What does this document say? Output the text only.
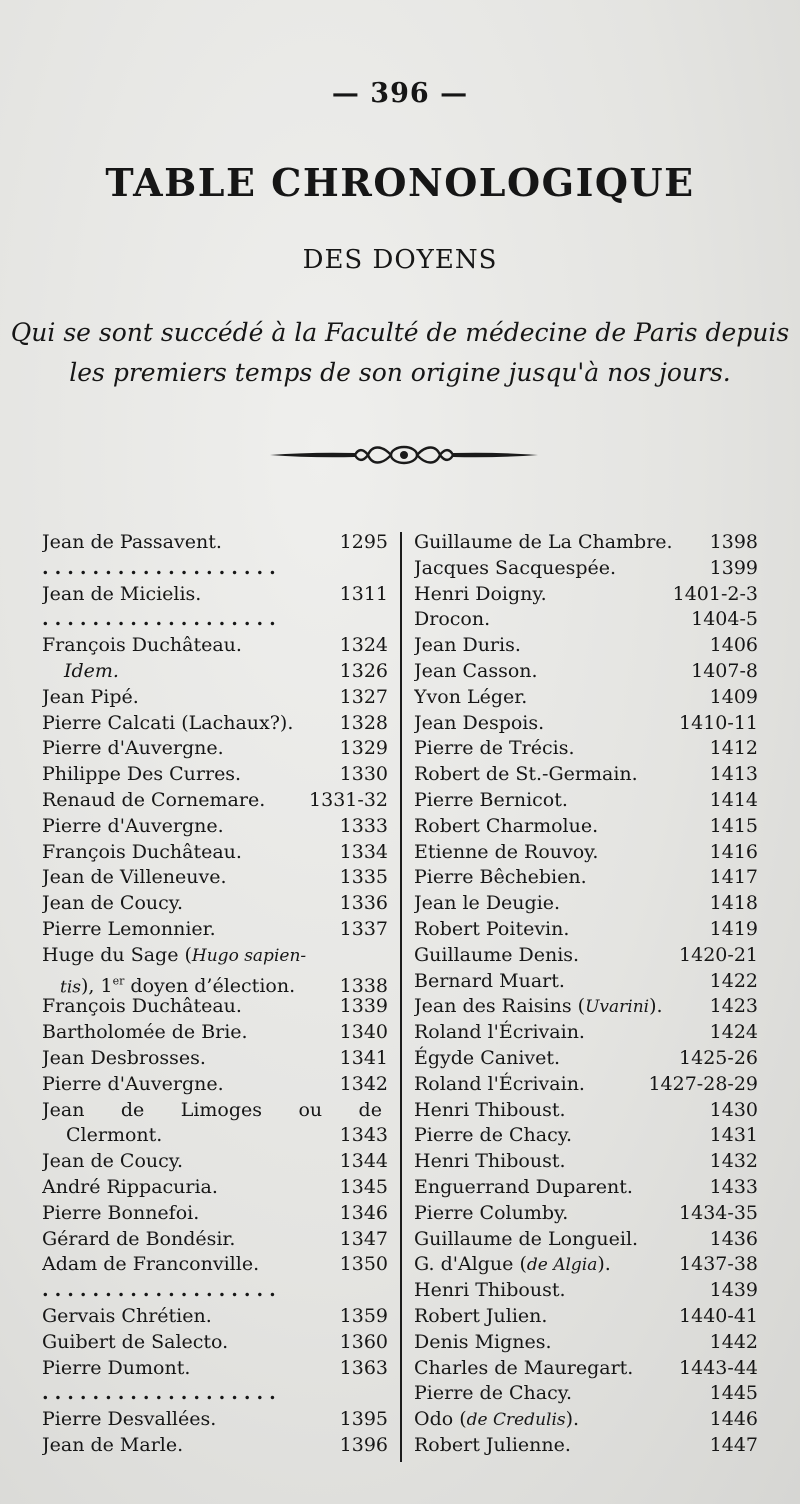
— 396 —
TABLE CHRONOLOGIQUE
DES DOYENS
Qui se sont succédé à la Faculté de médecine de Paris depuis
les premiers temps de son origine jusqu'à nos jours.
Jean de Passavent.	1295
...................
Jean de Micielis.	1311
...................
François Duchâteau.	1324
Idem.	1326
Jean Pipé.	1327
Pierre Calcati (Lachaux?).	1328
Pierre d'Auvergne.	1329
Philippe Des Curres.	1330
Renaud de Cornemare.	1331-32
Pierre d'Auvergne.	1333
François Duchâteau.	1334
Jean de Villeneuve.	1335
Jean de Coucy.	1336
Pierre Lemonnier.	1337
Huge du Sage (Hugo sapien-
tis), 1er doyen d’élection.	1338
François Duchâteau.	1339
Bartholomée de Brie.	1340
Jean Desbrosses.	1341
Pierre d'Auvergne.	1342
Jean de Limoges ou de
Clermont.	1343
Jean de Coucy.	1344
André Rippacuria.	1345
Pierre Bonnefoi.	1346
Gérard de Bondésir.	1347
Adam de Franconville.	1350
...................
Gervais Chrétien.	1359
Guibert de Salecto.	1360
Pierre Dumont.	1363
...................
Pierre Desvallées.	1395
Jean de Marle.	1396
Guillaume de La Chambre.	1398
Jacques Sacquespée.	1399
Henri Doigny.	1401-2-3
Drocon.	1404-5
Jean Duris.	1406
Jean Casson.	1407-8
Yvon Léger.	1409
Jean Despois.	1410-11
Pierre de Trécis.	1412
Robert de St.-Germain.	1413
Pierre Bernicot.	1414
Robert Charmolue.	1415
Etienne de Rouvoy.	1416
Pierre Bêchebien.	1417
Jean le Deugie.	1418
Robert Poitevin.	1419
Guillaume Denis.	1420-21
Bernard Muart.	1422
Jean des Raisins (Uvarini).	1423
Roland l'Écrivain.	1424
Égyde Canivet.	1425-26
Roland l'Écrivain.	1427-28-29
Henri Thiboust.	1430
Pierre de Chacy.	1431
Henri Thiboust.	1432
Enguerrand Duparent.	1433
Pierre Columby.	1434-35
Guillaume de Longueil.	1436
G. d'Algue (de Algia).	1437-38
Henri Thiboust.	1439
Robert Julien.	1440-41
Denis Mignes.	1442
Charles de Mauregart.	1443-44
Pierre de Chacy.	1445
Odo (de Credulis).	1446
Robert Julienne.	1447
